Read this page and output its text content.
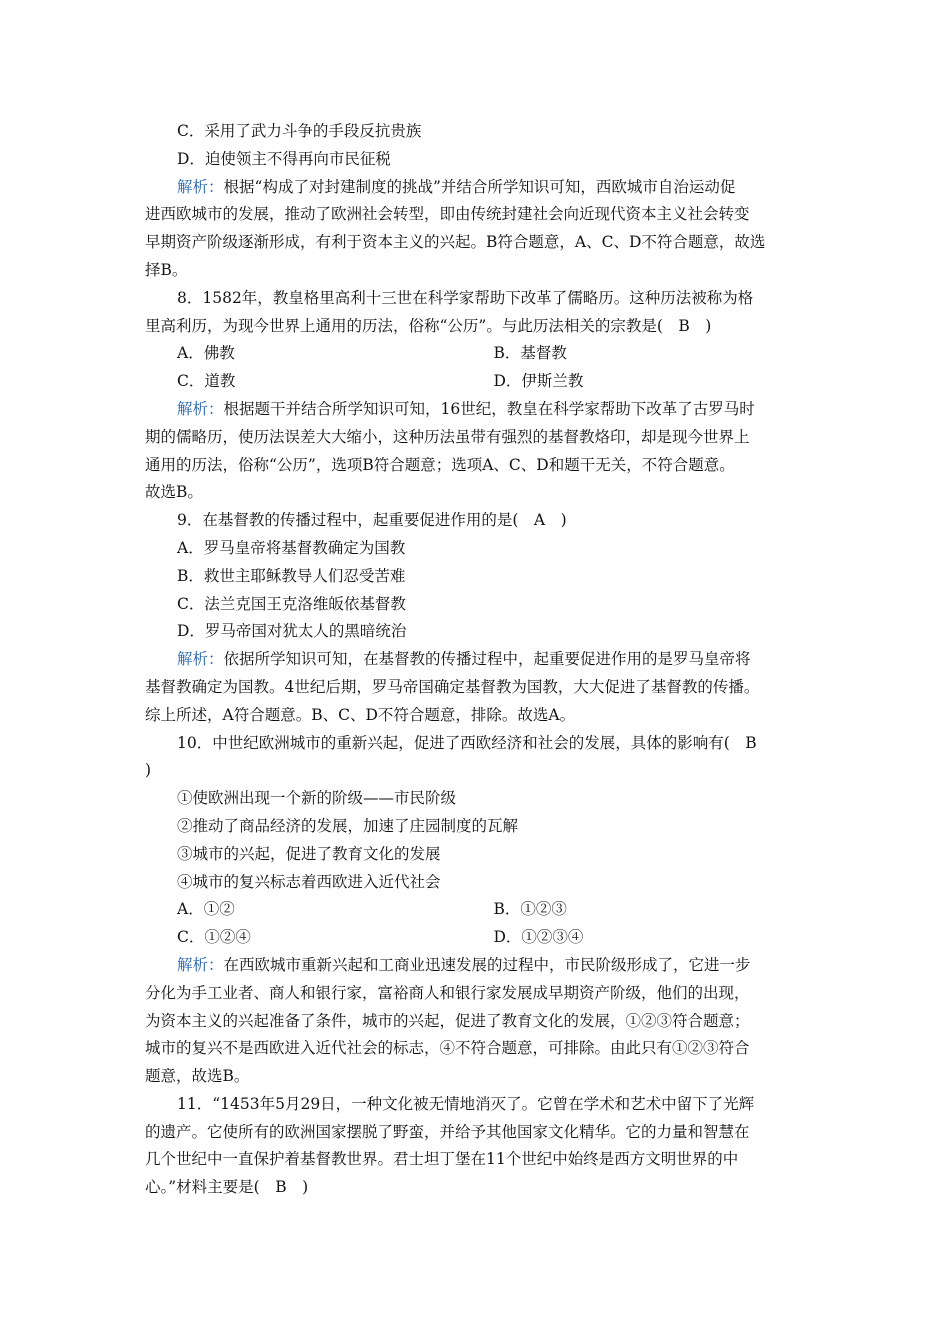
C．采用了武力斗争的手段反抗贵族
D．迫使领主不得再向市民征税
解析：根据“构成了对封建制度的挑战”并结合所学知识可知，西欧城市自治运动促
进西欧城市的发展，推动了欧洲社会转型，即由传统封建社会向近现代资本主义社会转变
早期资产阶级逐渐形成，有利于资本主义的兴起。B符合题意，A、C、D不符合题意，故选
择B。
8．1582年，教皇格里高利十三世在科学家帮助下改革了儒略历。这种历法被称为格
里高利历，为现今世界上通用的历法，俗称“公历”。与此历法相关的宗教是(　B　)
A．佛教	B．基督教
C．道教	D．伊斯兰教
解析：根据题干并结合所学知识可知，16世纪，教皇在科学家帮助下改革了古罗马时
期的儒略历，使历法误差大大缩小，这种历法虽带有强烈的基督教烙印，却是现今世界上
通用的历法，俗称“公历”，选项B符合题意；选项A、C、D和题干无关，不符合题意。
故选B。
9．在基督教的传播过程中，起重要促进作用的是(　A　)
A．罗马皇帝将基督教确定为国教
B．救世主耶稣教导人们忍受苦难
C．法兰克国王克洛维皈依基督教
D．罗马帝国对犹太人的黑暗统治
解析：依据所学知识可知，在基督教的传播过程中，起重要促进作用的是罗马皇帝将
基督教确定为国教。4世纪后期，罗马帝国确定基督教为国教，大大促进了基督教的传播。
综上所述，A符合题意。B、C、D不符合题意，排除。故选A。
10．中世纪欧洲城市的重新兴起，促进了西欧经济和社会的发展，具体的影响有(　B
)
①使欧洲出现一个新的阶级——市民阶级
②推动了商品经济的发展，加速了庄园制度的瓦解
③城市的兴起，促进了教育文化的发展
④城市的复兴标志着西欧进入近代社会
A．①②	B．①②③
C．①②④	D．①②③④
解析：在西欧城市重新兴起和工商业迅速发展的过程中，市民阶级形成了，它进一步
分化为手工业者、商人和银行家，富裕商人和银行家发展成早期资产阶级，他们的出现，
为资本主义的兴起准备了条件，城市的兴起，促进了教育文化的发展，①②③符合题意；
城市的复兴不是西欧进入近代社会的标志，④不符合题意，可排除。由此只有①②③符合
题意，故选B。
11．“1453年5月29日，一种文化被无情地消灭了。它曾在学术和艺术中留下了光辉
的遗产。它使所有的欧洲国家摆脱了野蛮，并给予其他国家文化精华。它的力量和智慧在
几个世纪中一直保护着基督教世界。君士坦丁堡在11个世纪中始终是西方文明世界的中
心。”材料主要是(　B　)
